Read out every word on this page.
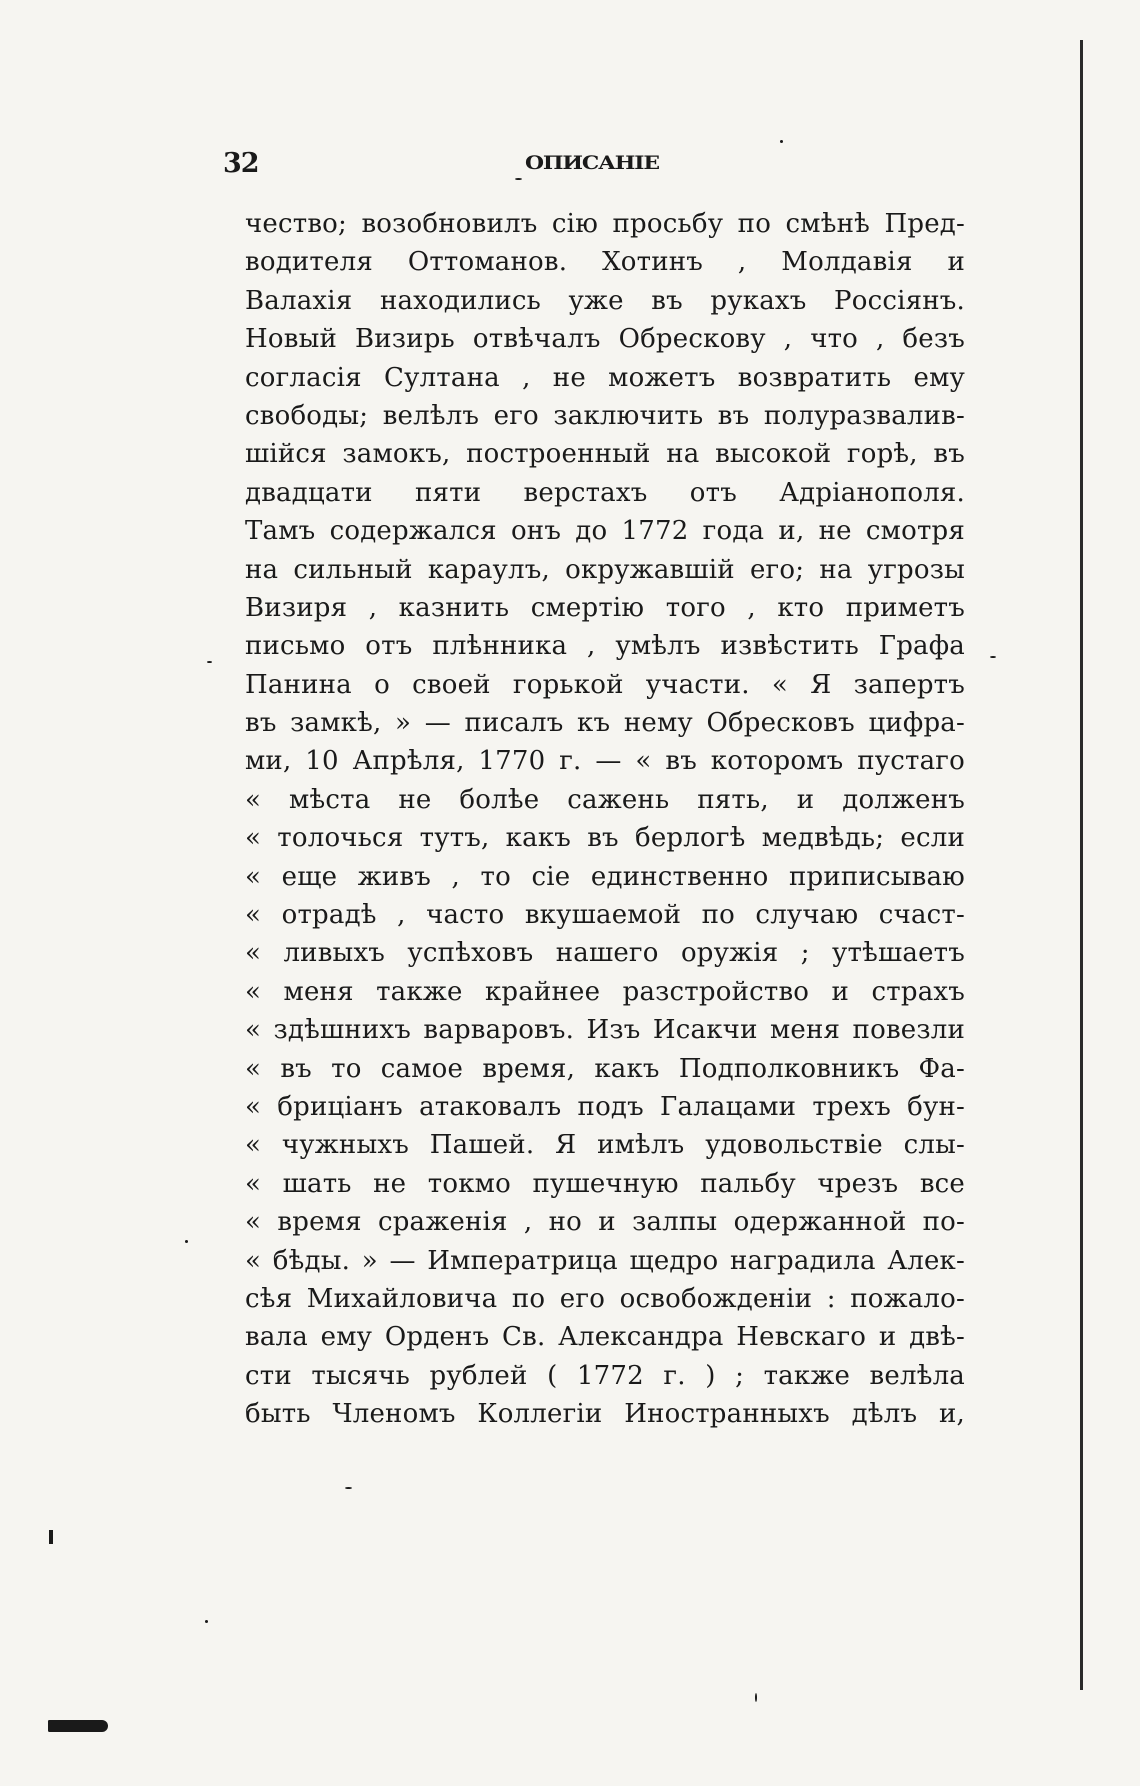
32	ОПИСАНІЕ
чество; возобновилъ сію просьбу по смѣнѣ Пред-
водителя Оттоманов. Хотинъ , Молдавія и
Валахія находились уже въ рукахъ Россіянъ.
Новый Визирь отвѣчалъ Обрескову , что , безъ
согласія Султана , не можетъ возвратить ему
свободы; велѣлъ его заключить въ полуразвалив-
шійся замокъ, построенный на высокой горѣ, въ
двадцати пяти верстахъ отъ Адріанополя.
Тамъ содержался онъ до 1772 года и, не смотря
на сильный караулъ, окружавшій его; на угрозы
Визиря , казнить смертію того , кто приметъ
письмо отъ плѣнника , умѣлъ извѣстить Графа
Панина о своей горькой участи. « Я запертъ
въ замкѣ, » — писалъ къ нему Обресковъ цифра-
ми, 10 Апрѣля, 1770 г. — « въ которомъ пустаго
« мѣста не болѣе сажень пять, и долженъ
« толочься тутъ, какъ въ берлогѣ медвѣдь; если
« еще живъ , то сіе единственно приписываю
« отрадѣ , часто вкушаемой по случаю счаст-
« ливыхъ успѣховъ нашего оружія ; утѣшаетъ
« меня также крайнее разстройство и страхъ
« здѣшнихъ варваровъ. Изъ Исакчи меня повезли
« въ то самое время, какъ Подполковникъ Фа-
« бриціанъ атаковалъ подъ Галацами трехъ бун-
« чужныхъ Пашей. Я имѣлъ удовольствіе слы-
« шать не токмо пушечную пальбу чрезъ все
« время сраженія , но и залпы одержанной по-
« бѣды. » — Императрица щедро наградила Алек-
сѣя Михайловича по его освобожденіи : пожало-
вала ему Орденъ Св. Александра Невскаго и двѣ-
сти тысячь рублей ( 1772 г. ) ; также велѣла
быть Членомъ Коллегіи Иностранныхъ дѣлъ и,
